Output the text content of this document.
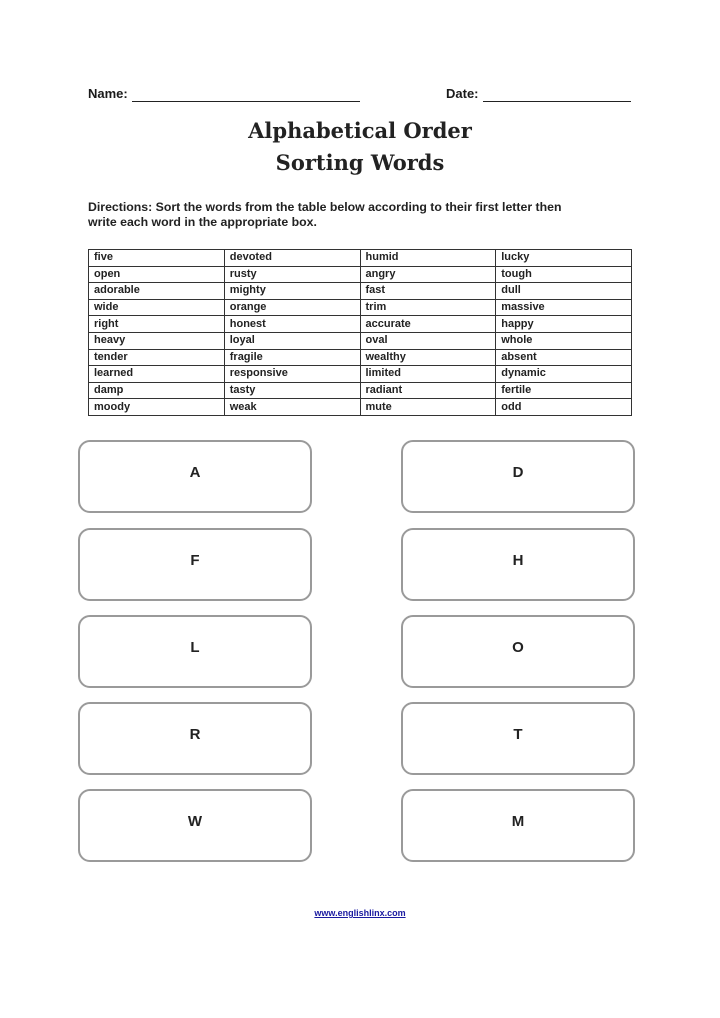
Name:	Date:
Alphabetical Order
Sorting Words
Directions: Sort the words from the table below according to their first letter then
write each word in the appropriate box.
five	devoted	humid	lucky
open	rusty	angry	tough
adorable	mighty	fast	dull
wide	orange	trim	massive
right	honest	accurate	happy
heavy	loyal	oval	whole
tender	fragile	wealthy	absent
learned	responsive	limited	dynamic
damp	tasty	radiant	fertile
moody	weak	mute	odd
A	D
F	H
L	O
R	T
W	M
www.englishlinx.com
